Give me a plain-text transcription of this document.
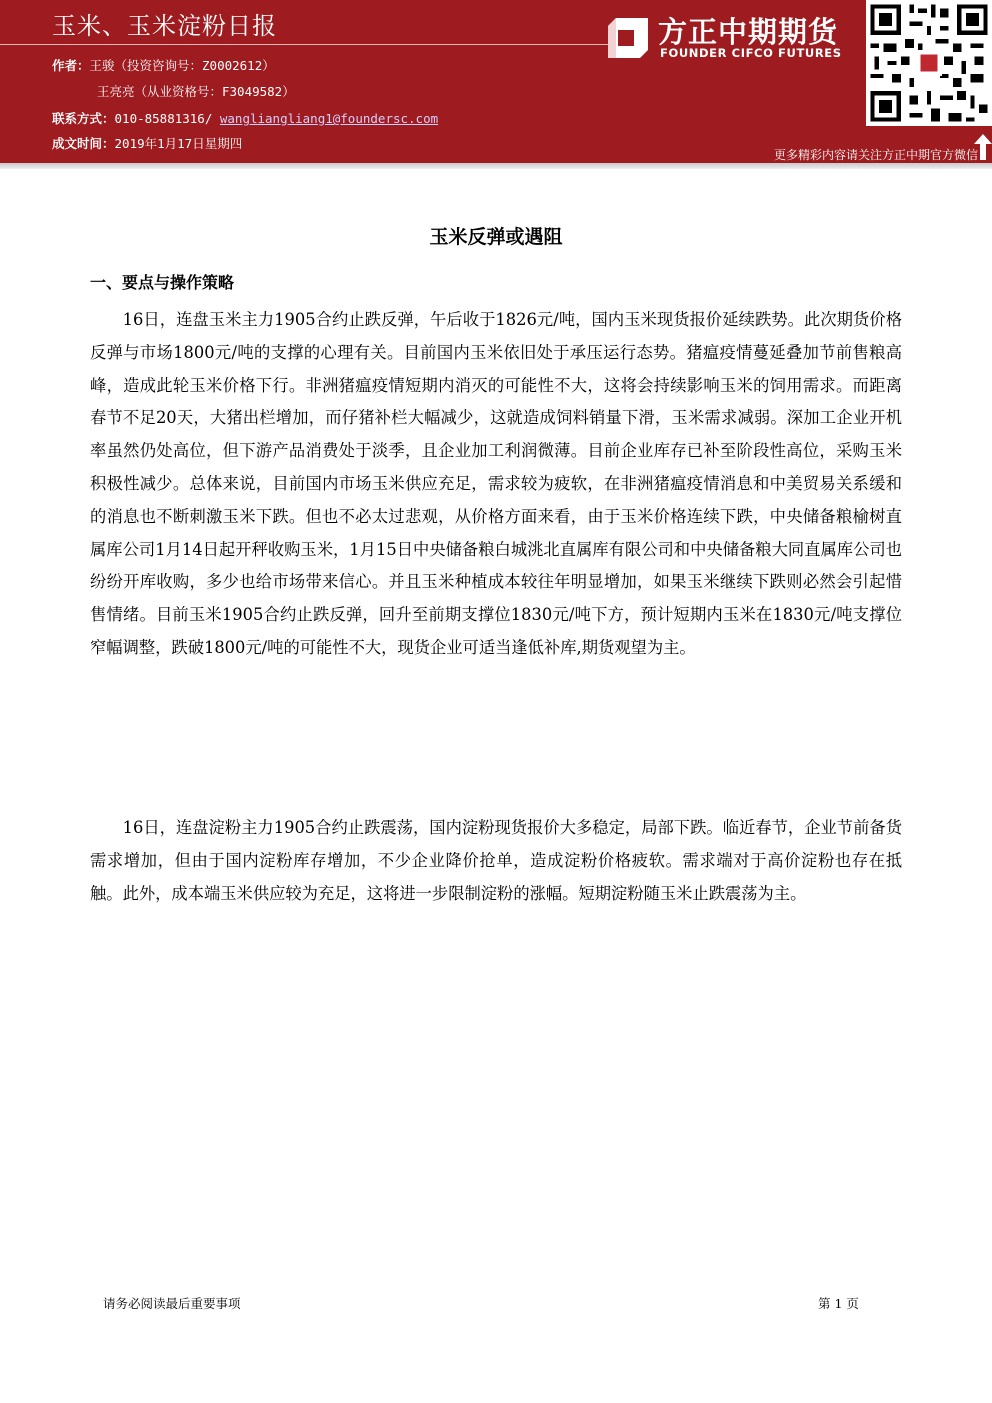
玉米、玉米淀粉日报
作者：王骏（投资咨询号：Z0002612）
王亮亮（从业资格号：F3049582）
联系方式：010-85881316/ wangliangliang1@foundersc.com
成文时间：2019年1月17日星期四
方正中期期货
FOUNDER CIFCO FUTURES
更多精彩内容请关注方正中期官方微信
玉米反弹或遇阻
一、要点与操作策略

16日，连盘玉米主力1905合约止跌反弹，午后收于1826元/吨，国内玉米现货报价延续跌势。此次期货价格反弹与市场1800元/吨的支撑的心理有关。目前国内玉米依旧处于承压运行态势。猪瘟疫情蔓延叠加节前售粮高峰，造成此轮玉米价格下行。非洲猪瘟疫情短期内消灭的可能性不大，这将会持续影响玉米的饲用需求。而距离春节不足20天，大猪出栏增加，而仔猪补栏大幅减少，这就造成饲料销量下滑，玉米需求减弱。深加工企业开机率虽然仍处高位，但下游产品消费处于淡季，且企业加工利润微薄。目前企业库存已补至阶段性高位，采购玉米积极性减少。总体来说，目前国内市场玉米供应充足，需求较为疲软，在非洲猪瘟疫情消息和中美贸易关系缓和的消息也不断刺激玉米下跌。但也不必太过悲观，从价格方面来看，由于玉米价格连续下跌，中央储备粮榆树直属库公司1月14日起开秤收购玉米，1月15日中央储备粮白城洮北直属库有限公司和中央储备粮大同直属库公司也纷纷开库收购，多少也给市场带来信心。并且玉米种植成本较往年明显增加，如果玉米继续下跌则必然会引起惜售情绪。目前玉米1905合约止跌反弹，回升至前期支撑位1830元/吨下方，预计短期内玉米在1830元/吨支撑位窄幅调整，跌破1800元/吨的可能性不大，现货企业可适当逢低补库,期货观望为主。

16日，连盘淀粉主力1905合约止跌震荡，国内淀粉现货报价大多稳定，局部下跌。临近春节，企业节前备货需求增加，但由于国内淀粉库存增加，不少企业降价抢单，造成淀粉价格疲软。需求端对于高价淀粉也存在抵触。此外，成本端玉米供应较为充足，这将进一步限制淀粉的涨幅。短期淀粉随玉米止跌震荡为主。

请务必阅读最后重要事项	第 1 页
